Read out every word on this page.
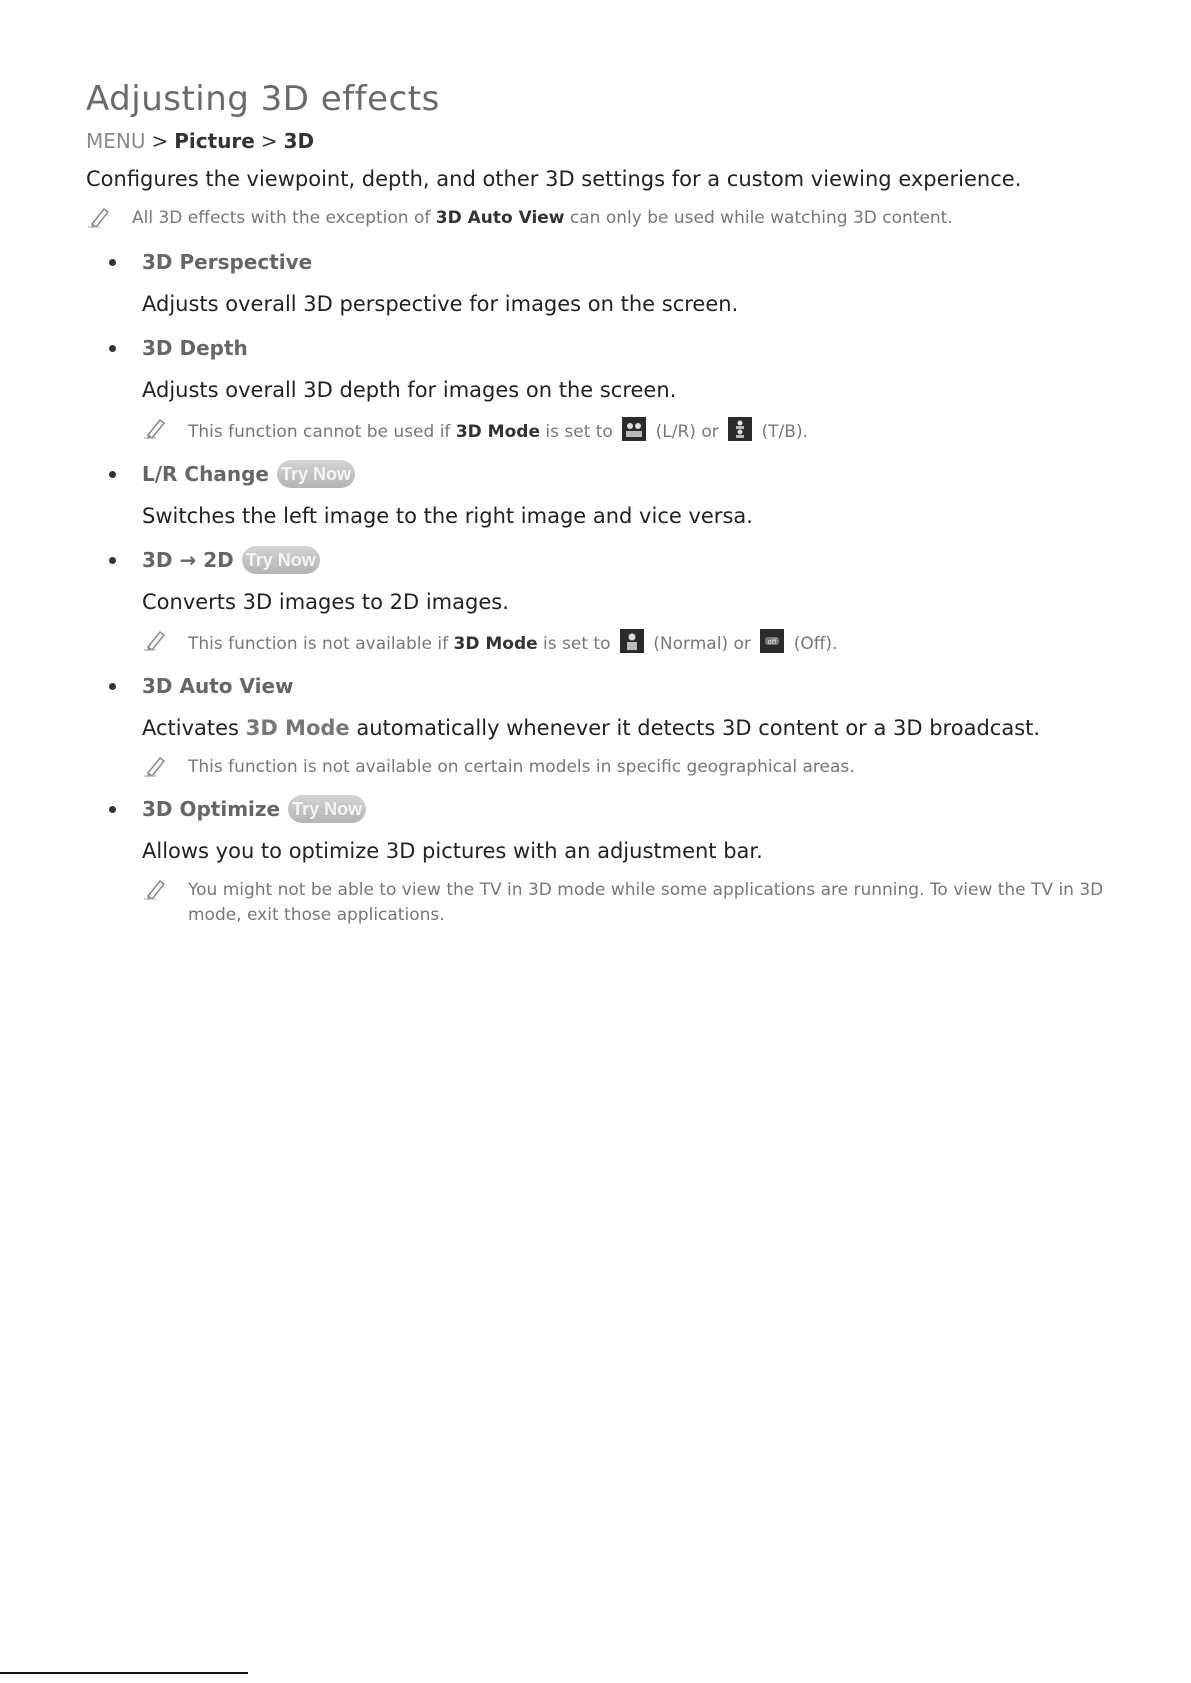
Adjusting 3D effects
MENU > Picture > 3D
Configures the viewpoint, depth, and other 3D settings for a custom viewing experience.
All 3D effects with the exception of 3D Auto View can only be used while watching 3D content.
3D Perspective
Adjusts overall 3D perspective for images on the screen.
3D Depth
Adjusts overall 3D depth for images on the screen.
This function cannot be used if 3D Mode is set to	(L/R) or	(T/B).
L/R Change Try Now
Switches the left image to the right image and vice versa.
3D → 2D Try Now
Converts 3D images to 2D images.
This function is not available if 3D Mode is set to	(Normal) or off (Off).
3D Auto View
Activates 3D Mode automatically whenever it detects 3D content or a 3D broadcast.
This function is not available on certain models in specific geographical areas.
3D Optimize Try Now
Allows you to optimize 3D pictures with an adjustment bar.
You might not be able to view the TV in 3D mode while some applications are running. To view the TV in 3D mode, exit those applications.
